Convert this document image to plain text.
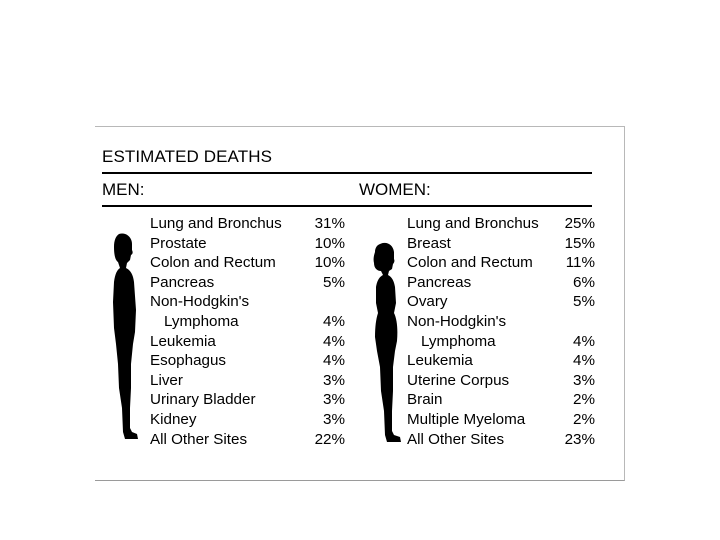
ESTIMATED DEATHS
MEN:	WOMEN:
Lung and Bronchus 31%
Prostate	10%
Colon and Rectum	10%
Pancreas	5%
Non-Hodgkin's
Lymphoma	4%
Leukemia	4%
Esophagus	4%
Liver	3%
Urinary Bladder	3%
Kidney	3%
All Other Sites	22%
Lung and Bronchus 25%
Breast	15%
Colon and Rectum 11%
Pancreas	6%
Ovary	5%
Non-Hodgkin's
Lymphoma	4%
Leukemia	4%
Uterine Corpus	3%
Brain	2%
Multiple Myeloma	2%
All Other Sites	23%
